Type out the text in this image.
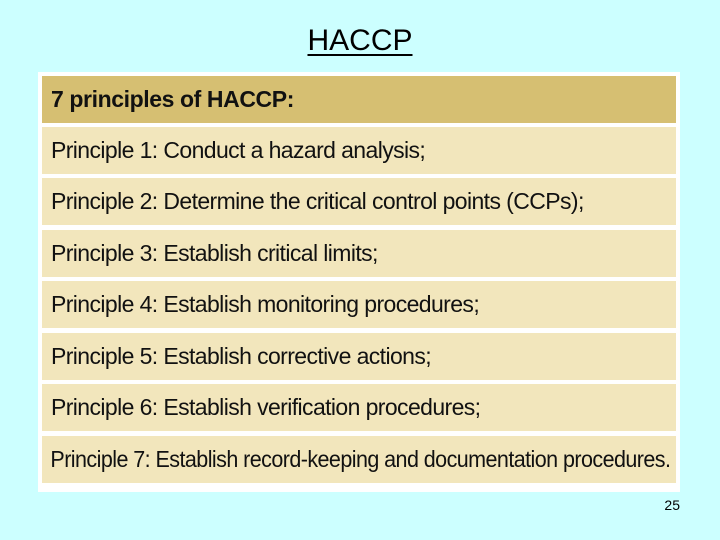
HACCP
7 principles of HACCP:
Principle 1: Conduct a hazard analysis;
Principle 2: Determine the critical control points (CCPs);
Principle 3: Establish critical limits;
Principle 4: Establish monitoring procedures;
Principle 5: Establish corrective actions;
Principle 6: Establish verification procedures;
Principle 7: Establish record-keeping and documentation procedures.
25
